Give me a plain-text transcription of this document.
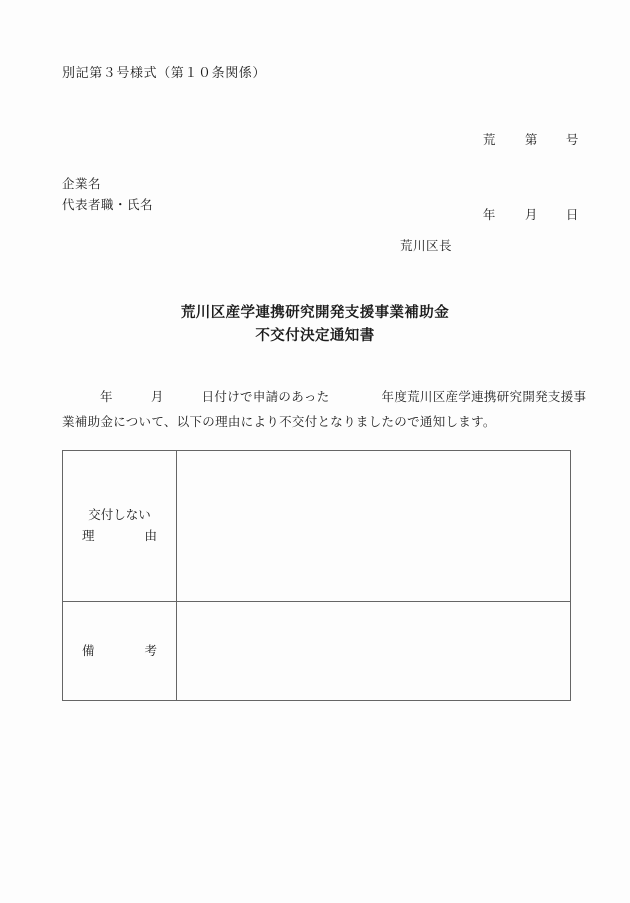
別記第３号様式（第１０条関係）

荒 第 号

年 月 日

企業名
代表者職・氏名
荒川区長
荒川区産学連携研究開発支援事業補助金
不交付決定通知書
年	月	日付けで申請のあった	年度荒川区産学連携研究開発支援事
業補助金について、以下の理由により不交付となりましたので通知します。
交付しない
理　　　　由	

備　　　　考	
